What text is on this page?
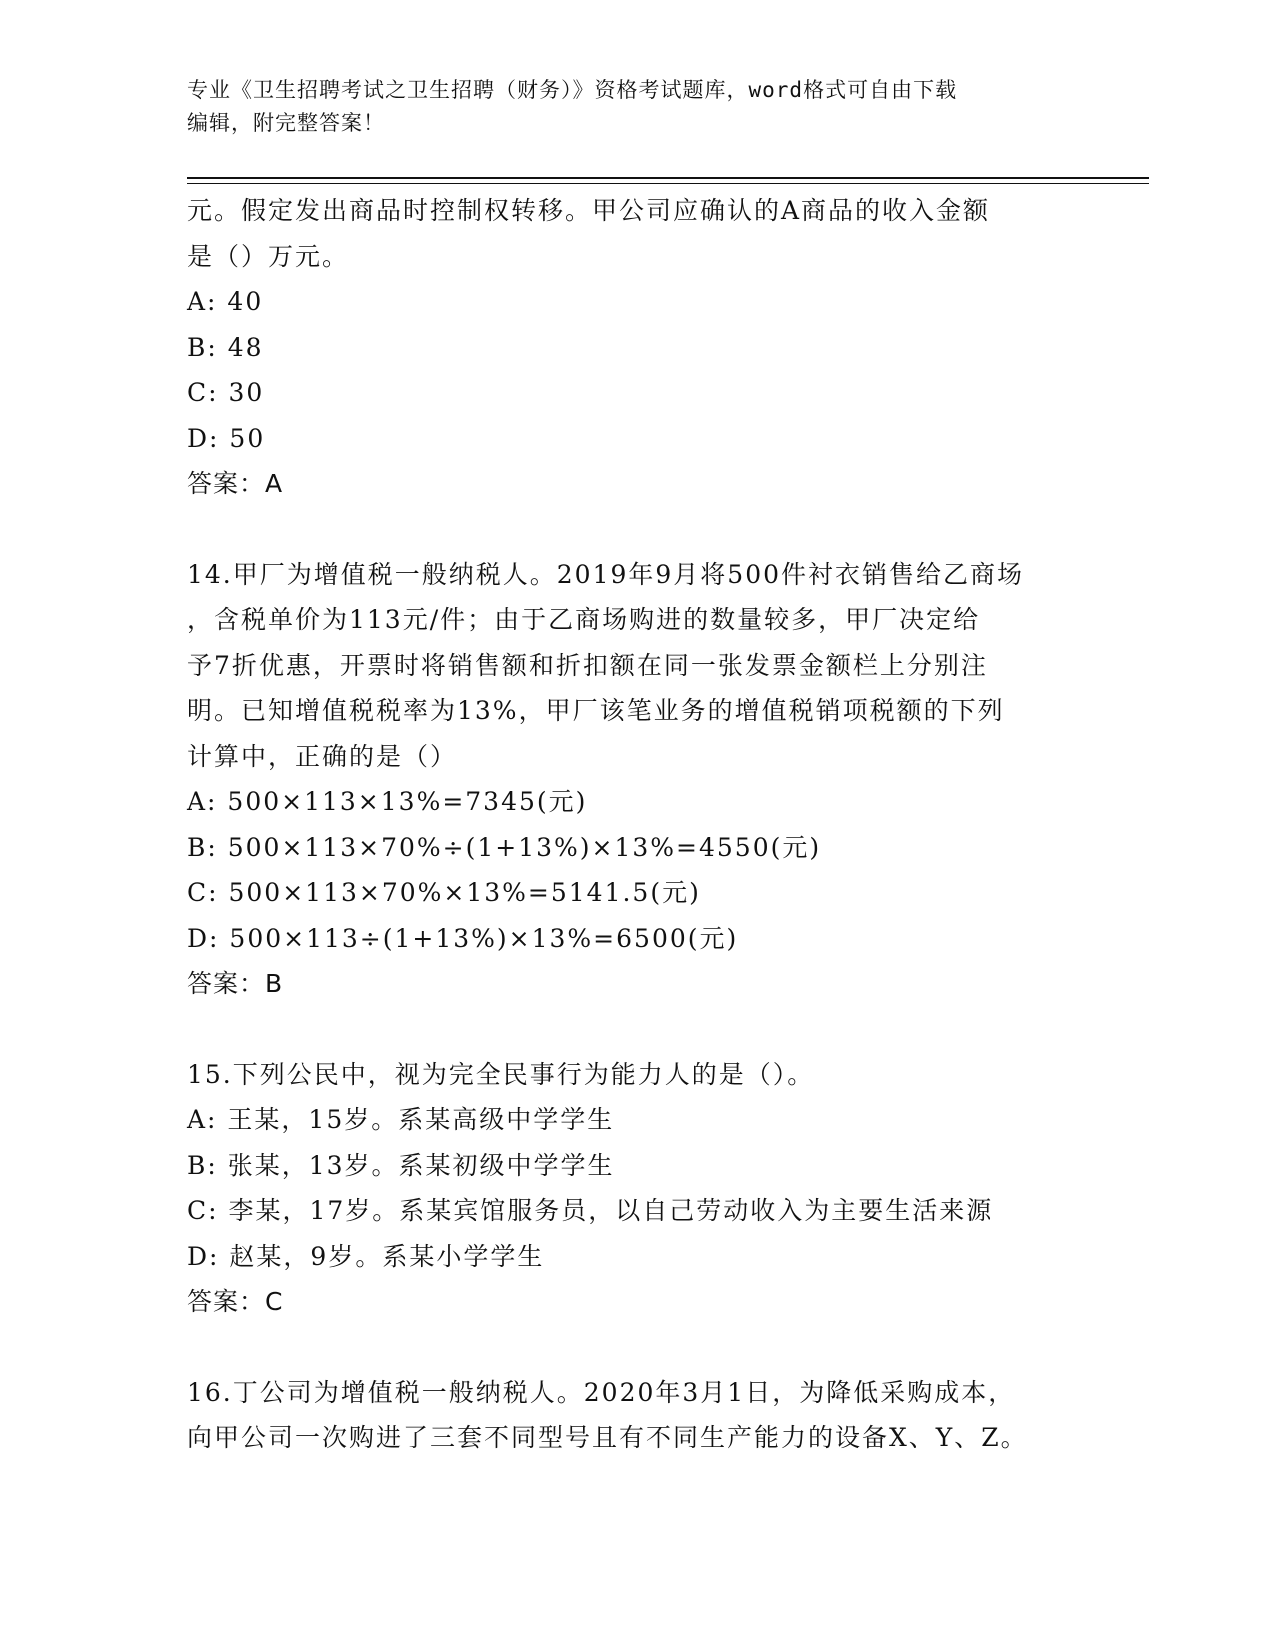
专业《卫生招聘考试之卫生招聘（财务）》资格考试题库，word格式可自由下载
编辑，附完整答案！
元。假定发出商品时控制权转移。甲公司应确认的A商品的收入金额
是（）万元。
A: 40
B: 48
C: 30
D: 50
答案：A
14.甲厂为增值税一般纳税人。2019年9月将500件衬衣销售给乙商场
，含税单价为113元/件；由于乙商场购进的数量较多，甲厂决定给
予7折优惠，开票时将销售额和折扣额在同一张发票金额栏上分别注
明。已知增值税税率为13%，甲厂该笔业务的增值税销项税额的下列
计算中，正确的是（）
A: 500×113×13%=7345(元)
B: 500×113×70%÷(1+13%)×13%=4550(元)
C: 500×113×70%×13%=5141.5(元)
D: 500×113÷(1+13%)×13%=6500(元)
答案：B
15.下列公民中，视为完全民事行为能力人的是（）。
A: 王某，15岁。系某高级中学学生
B: 张某，13岁。系某初级中学学生
C: 李某，17岁。系某宾馆服务员，以自己劳动收入为主要生活来源
D: 赵某，9岁。系某小学学生
答案：C
16.丁公司为增值税一般纳税人。2020年3月1日，为降低采购成本，
向甲公司一次购进了三套不同型号且有不同生产能力的设备X、Y、Z。
